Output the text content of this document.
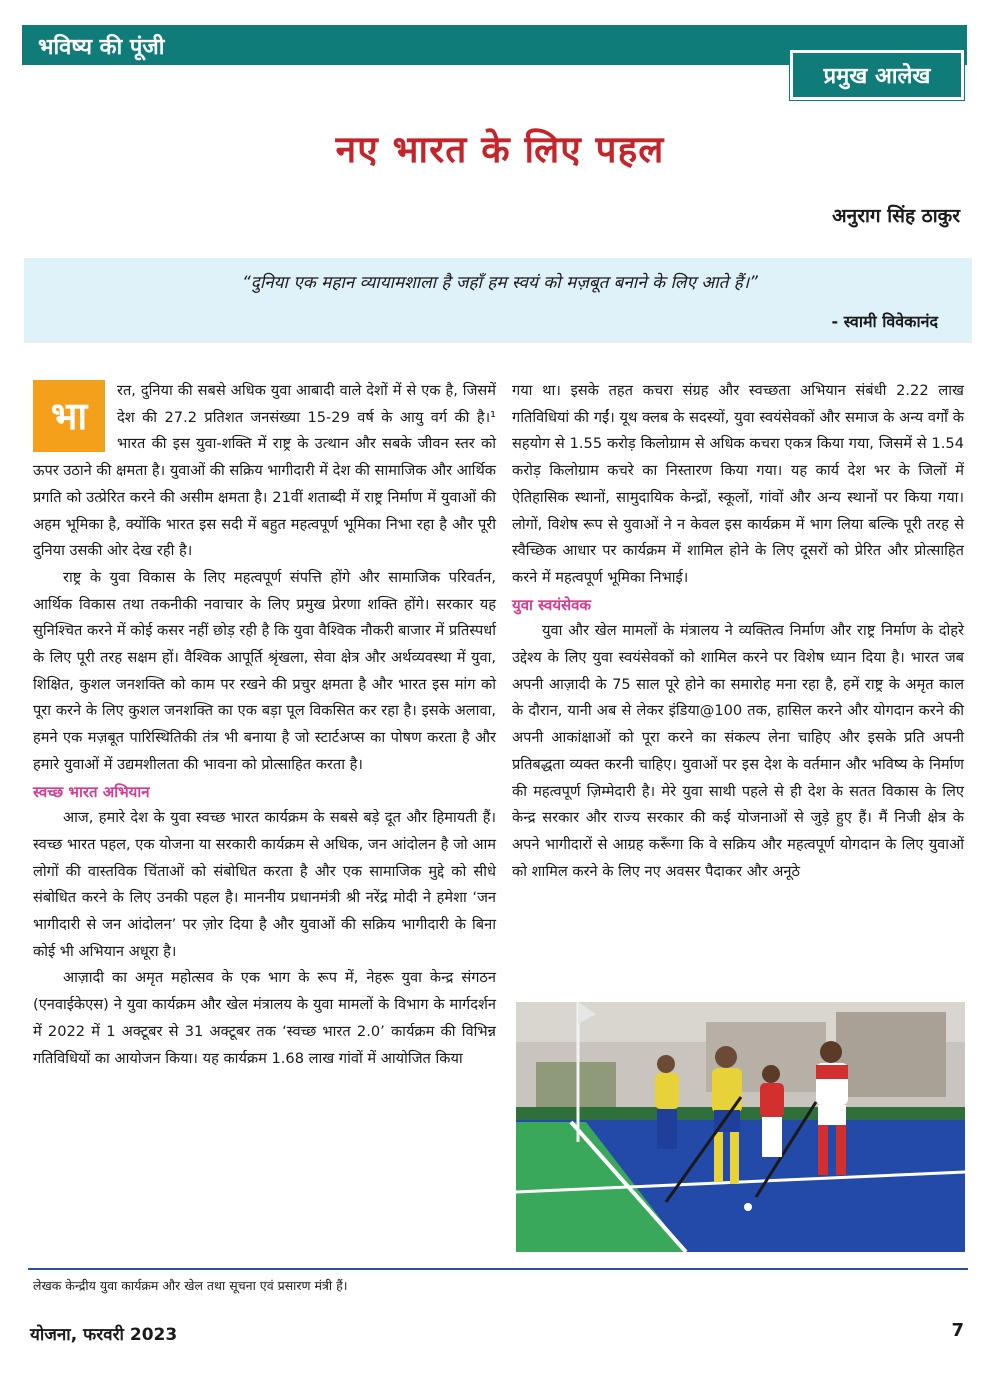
भविष्य की पूंजी
प्रमुख आलेख
नए भारत के लिए पहल
अनुराग सिंह ठाकुर
“दुनिया एक महान व्यायामशाला है जहाँ हम स्वयं को मज़बूत बनाने के लिए आते हैं।”
- स्वामी विवेकानंद
भा

रत, दुनिया की सबसे अधिक युवा आबादी वाले देशों में से एक है, जिसमें देश की 27.2 प्रतिशत जनसंख्या 15-29 वर्ष के आयु वर्ग की है।¹ भारत की इस युवा-शक्ति में राष्ट्र के उत्थान और सबके जीवन स्तर को ऊपर उठाने की क्षमता है। युवाओं की सक्रिय भागीदारी में देश की सामाजिक और आर्थिक प्रगति को उत्प्रेरित करने की असीम क्षमता है। 21वीं शताब्दी में राष्ट्र निर्माण में युवाओं की अहम भूमिका है, क्योंकि भारत इस सदी में बहुत महत्वपूर्ण भूमिका निभा रहा है और पूरी दुनिया उसकी ओर देख रही है।

राष्ट्र के युवा विकास के लिए महत्वपूर्ण संपत्ति होंगे और सामाजिक परिवर्तन, आर्थिक विकास तथा तकनीकी नवाचार के लिए प्रमुख प्रेरणा शक्ति होंगे। सरकार यह सुनिश्चित करने में कोई कसर नहीं छोड़ रही है कि युवा वैश्विक नौकरी बाजार में प्रतिस्पर्धा के लिए पूरी तरह सक्षम हों। वैश्विक आपूर्ति श्रृंखला, सेवा क्षेत्र और अर्थव्यवस्था में युवा, शिक्षित, कुशल जनशक्ति को काम पर रखने की प्रचुर क्षमता है और भारत इस मांग को पूरा करने के लिए कुशल जनशक्ति का एक बड़ा पूल विकसित कर रहा है। इसके अलावा, हमने एक मज़बूत पारिस्थितिकी तंत्र भी बनाया है जो स्टार्टअप्स का पोषण करता है और हमारे युवाओं में उद्यमशीलता की भावना को प्रोत्साहित करता है।

स्वच्छ भारत अभियान

आज, हमारे देश के युवा स्वच्छ भारत कार्यक्रम के सबसे बड़े दूत और हिमायती हैं। स्वच्छ भारत पहल, एक योजना या सरकारी कार्यक्रम से अधिक, जन आंदोलन है जो आम लोगों की वास्तविक चिंताओं को संबोधित करता है और एक सामाजिक मुद्दे को सीधे संबोधित करने के लिए उनकी पहल है। माननीय प्रधानमंत्री श्री नरेंद्र मोदी ने हमेशा ‘जन भागीदारी से जन आंदोलन’ पर ज़ोर दिया है और युवाओं की सक्रिय भागीदारी के बिना कोई भी अभियान अधूरा है।

आज़ादी का अमृत महोत्सव के एक भाग के रूप में, नेहरू युवा केन्द्र संगठन (एनवाईकेएस) ने युवा कार्यक्रम और खेल मंत्रालय के युवा मामलों के विभाग के मार्गदर्शन में 2022 में 1 अक्टूबर से 31 अक्टूबर तक ‘स्वच्छ भारत 2.0’ कार्यक्रम की विभिन्न गतिविधियों का आयोजन किया। यह कार्यक्रम 1.68 लाख गांवों में आयोजित किया

गया था। इसके तहत कचरा संग्रह और स्वच्छता अभियान संबंधी 2.22 लाख गतिविधियां की गईं। यूथ क्लब के सदस्यों, युवा स्वयंसेवकों और समाज के अन्य वर्गों के सहयोग से 1.55 करोड़ किलोग्राम से अधिक कचरा एकत्र किया गया, जिसमें से 1.54 करोड़ किलोग्राम कचरे का निस्तारण किया गया। यह कार्य देश भर के जिलों में ऐतिहासिक स्थानों, सामुदायिक केन्द्रों, स्कूलों, गांवों और अन्य स्थानों पर किया गया। लोगों, विशेष रूप से युवाओं ने न केवल इस कार्यक्रम में भाग लिया बल्कि पूरी तरह से स्वैच्छिक आधार पर कार्यक्रम में शामिल होने के लिए दूसरों को प्रेरित और प्रोत्साहित करने में महत्वपूर्ण भूमिका निभाई।

युवा स्वयंसेवक

युवा और खेल मामलों के मंत्रालय ने व्यक्तित्व निर्माण और राष्ट्र निर्माण के दोहरे उद्देश्य के लिए युवा स्वयंसेवकों को शामिल करने पर विशेष ध्यान दिया है। भारत जब अपनी आज़ादी के 75 साल पूरे होने का समारोह मना रहा है, हमें राष्ट्र के अमृत काल के दौरान, यानी अब से लेकर इंडिया@100 तक, हासिल करने और योगदान करने की अपनी आकांक्षाओं को पूरा करने का संकल्प लेना चाहिए और इसके प्रति अपनी प्रतिबद्धता व्यक्त करनी चाहिए। युवाओं पर इस देश के वर्तमान और भविष्य के निर्माण की महत्वपूर्ण ज़िम्मेदारी है। मेरे युवा साथी पहले से ही देश के सतत विकास के लिए केन्द्र सरकार और राज्य सरकार की कई योजनाओं से जुड़े हुए हैं। मैं निजी क्षेत्र के अपने भागीदारों से आग्रह करूँगा कि वे सक्रिय और महत्वपूर्ण योगदान के लिए युवाओं को शामिल करने के लिए नए अवसर पैदाकर और अनूठे

लेखक केन्द्रीय युवा कार्यक्रम और खेल तथा सूचना एवं प्रसारण मंत्री हैं।
योजना, फरवरी 2023	7
